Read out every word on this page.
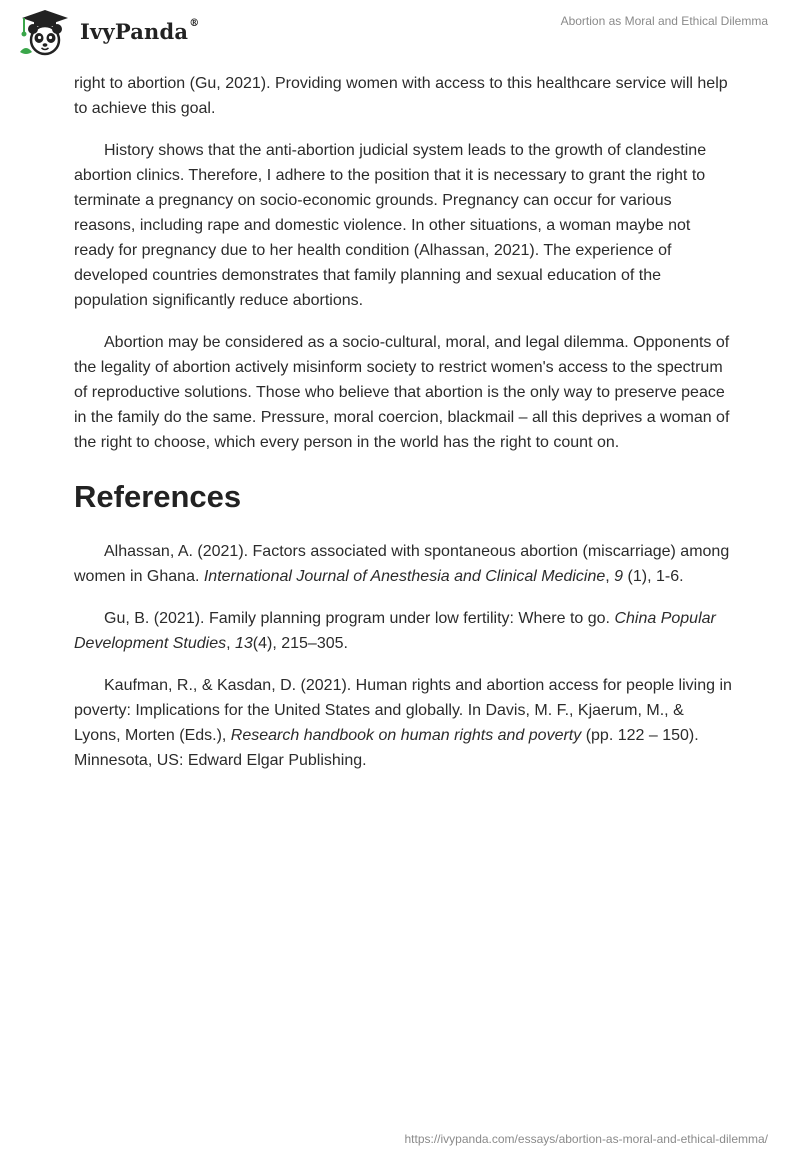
IvyPanda®	Abortion as Moral and Ethical Dilemma

right to abortion (Gu, 2021). Providing women with access to this healthcare service will help to achieve this goal.

History shows that the anti-abortion judicial system leads to the growth of clandestine abortion clinics. Therefore, I adhere to the position that it is necessary to grant the right to terminate a pregnancy on socio-economic grounds. Pregnancy can occur for various reasons, including rape and domestic violence. In other situations, a woman maybe not ready for pregnancy due to her health condition (Alhassan, 2021). The experience of developed countries demonstrates that family planning and sexual education of the population significantly reduce abortions.

Abortion may be considered as a socio-cultural, moral, and legal dilemma. Opponents of the legality of abortion actively misinform society to restrict women's access to the spectrum of reproductive solutions. Those who believe that abortion is the only way to preserve peace in the family do the same. Pressure, moral coercion, blackmail – all this deprives a woman of the right to choose, which every person in the world has the right to count on.

References

Alhassan, A. (2021). Factors associated with spontaneous abortion (miscarriage) among women in Ghana. International Journal of Anesthesia and Clinical Medicine, 9 (1), 1-6.

Gu, B. (2021). Family planning program under low fertility: Where to go. China Popular Development Studies, 13(4), 215–305.

Kaufman, R., & Kasdan, D. (2021). Human rights and abortion access for people living in poverty: Implications for the United States and globally. In Davis, M. F., Kjaerum, M., & Lyons, Morten (Eds.), Research handbook on human rights and poverty (pp. 122 – 150). Minnesota, US: Edward Elgar Publishing.

https://ivypanda.com/essays/abortion-as-moral-and-ethical-dilemma/
